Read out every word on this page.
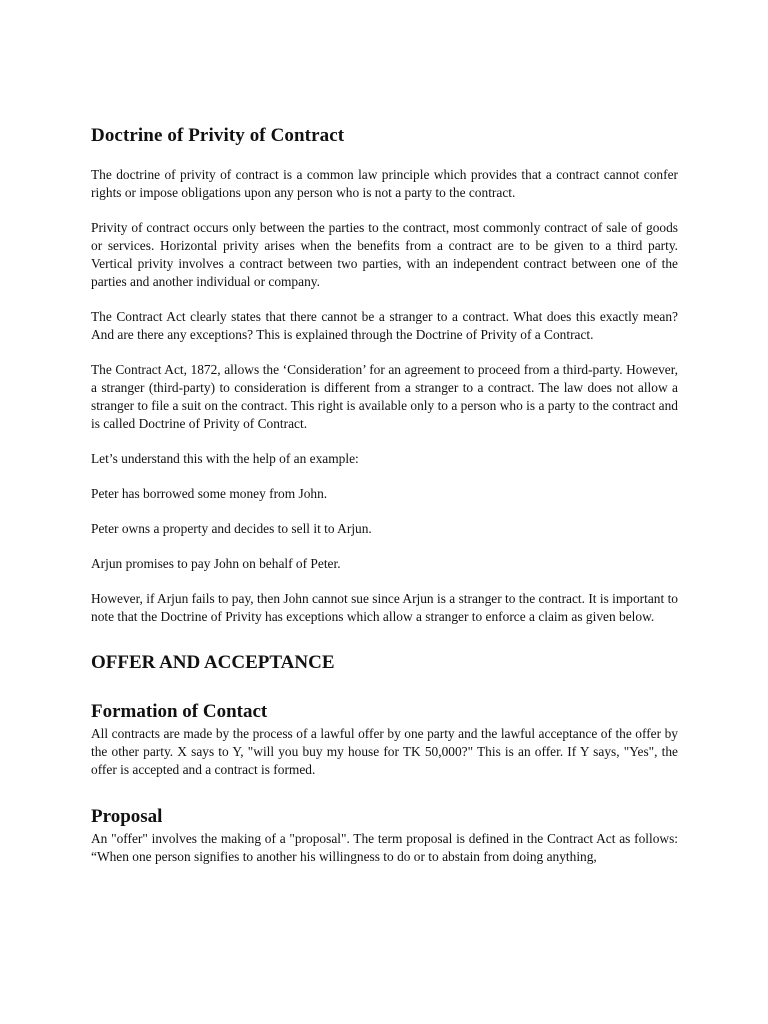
Doctrine of Privity of Contract

The doctrine of privity of contract is a common law principle which provides that a contract cannot confer rights or impose obligations upon any person who is not a party to the contract.

Privity of contract occurs only between the parties to the contract, most commonly contract of sale of goods or services. Horizontal privity arises when the benefits from a contract are to be given to a third party. Vertical privity involves a contract between two parties, with an independent contract between one of the parties and another individual or company.

The Contract Act clearly states that there cannot be a stranger to a contract. What does this exactly mean? And are there any exceptions? This is explained through the Doctrine of Privity of a Contract.

The Contract Act, 1872, allows the ‘Consideration’ for an agreement to proceed from a third-party. However, a stranger (third-party) to consideration is different from a stranger to a contract. The law does not allow a stranger to file a suit on the contract. This right is available only to a person who is a party to the contract and is called Doctrine of Privity of Contract.

Let’s understand this with the help of an example:

Peter has borrowed some money from John.

Peter owns a property and decides to sell it to Arjun.

Arjun promises to pay John on behalf of Peter.

However, if Arjun fails to pay, then John cannot sue since Arjun is a stranger to the contract. It is important to note that the Doctrine of Privity has exceptions which allow a stranger to enforce a claim as given below.

OFFER AND ACCEPTANCE
Formation of Contact

All contracts are made by the process of a lawful offer by one party and the lawful acceptance of the offer by the other party. X says to Y, "will you buy my house for TK 50,000?" This is an offer. If Y says, "Yes", the offer is accepted and a contract is formed.

Proposal

An "offer" involves the making of a "proposal". The term proposal is defined in the Contract Act as follows: “When one person signifies to another his willingness to do or to abstain from doing anything,
